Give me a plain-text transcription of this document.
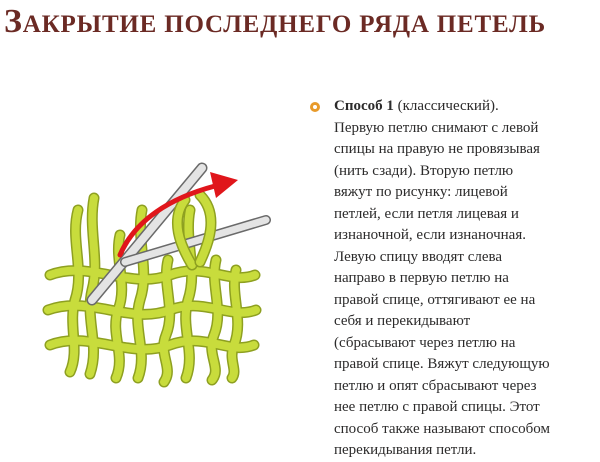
ЗАКРЫТИЕ ПОСЛЕДНЕГО РЯДА ПЕТЕЛЬ

Способ 1 (классический).
Первую петлю снимают с левой
спицы на правую не провязывая
(нить сзади). Вторую петлю
вяжут по рисунку: лицевой
петлей, если петля лицевая и
изнаночной, если изнаночная.
Левую спицу вводят слева
направо в первую петлю на
правой спице, оттягивают ее на
себя и перекидывают
(сбрасывают через петлю на
правой спице. Вяжут следующую
петлю и опят сбрасывают через
нее петлю с правой спицы. Этот
способ также называют способом
перекидывания петли.
